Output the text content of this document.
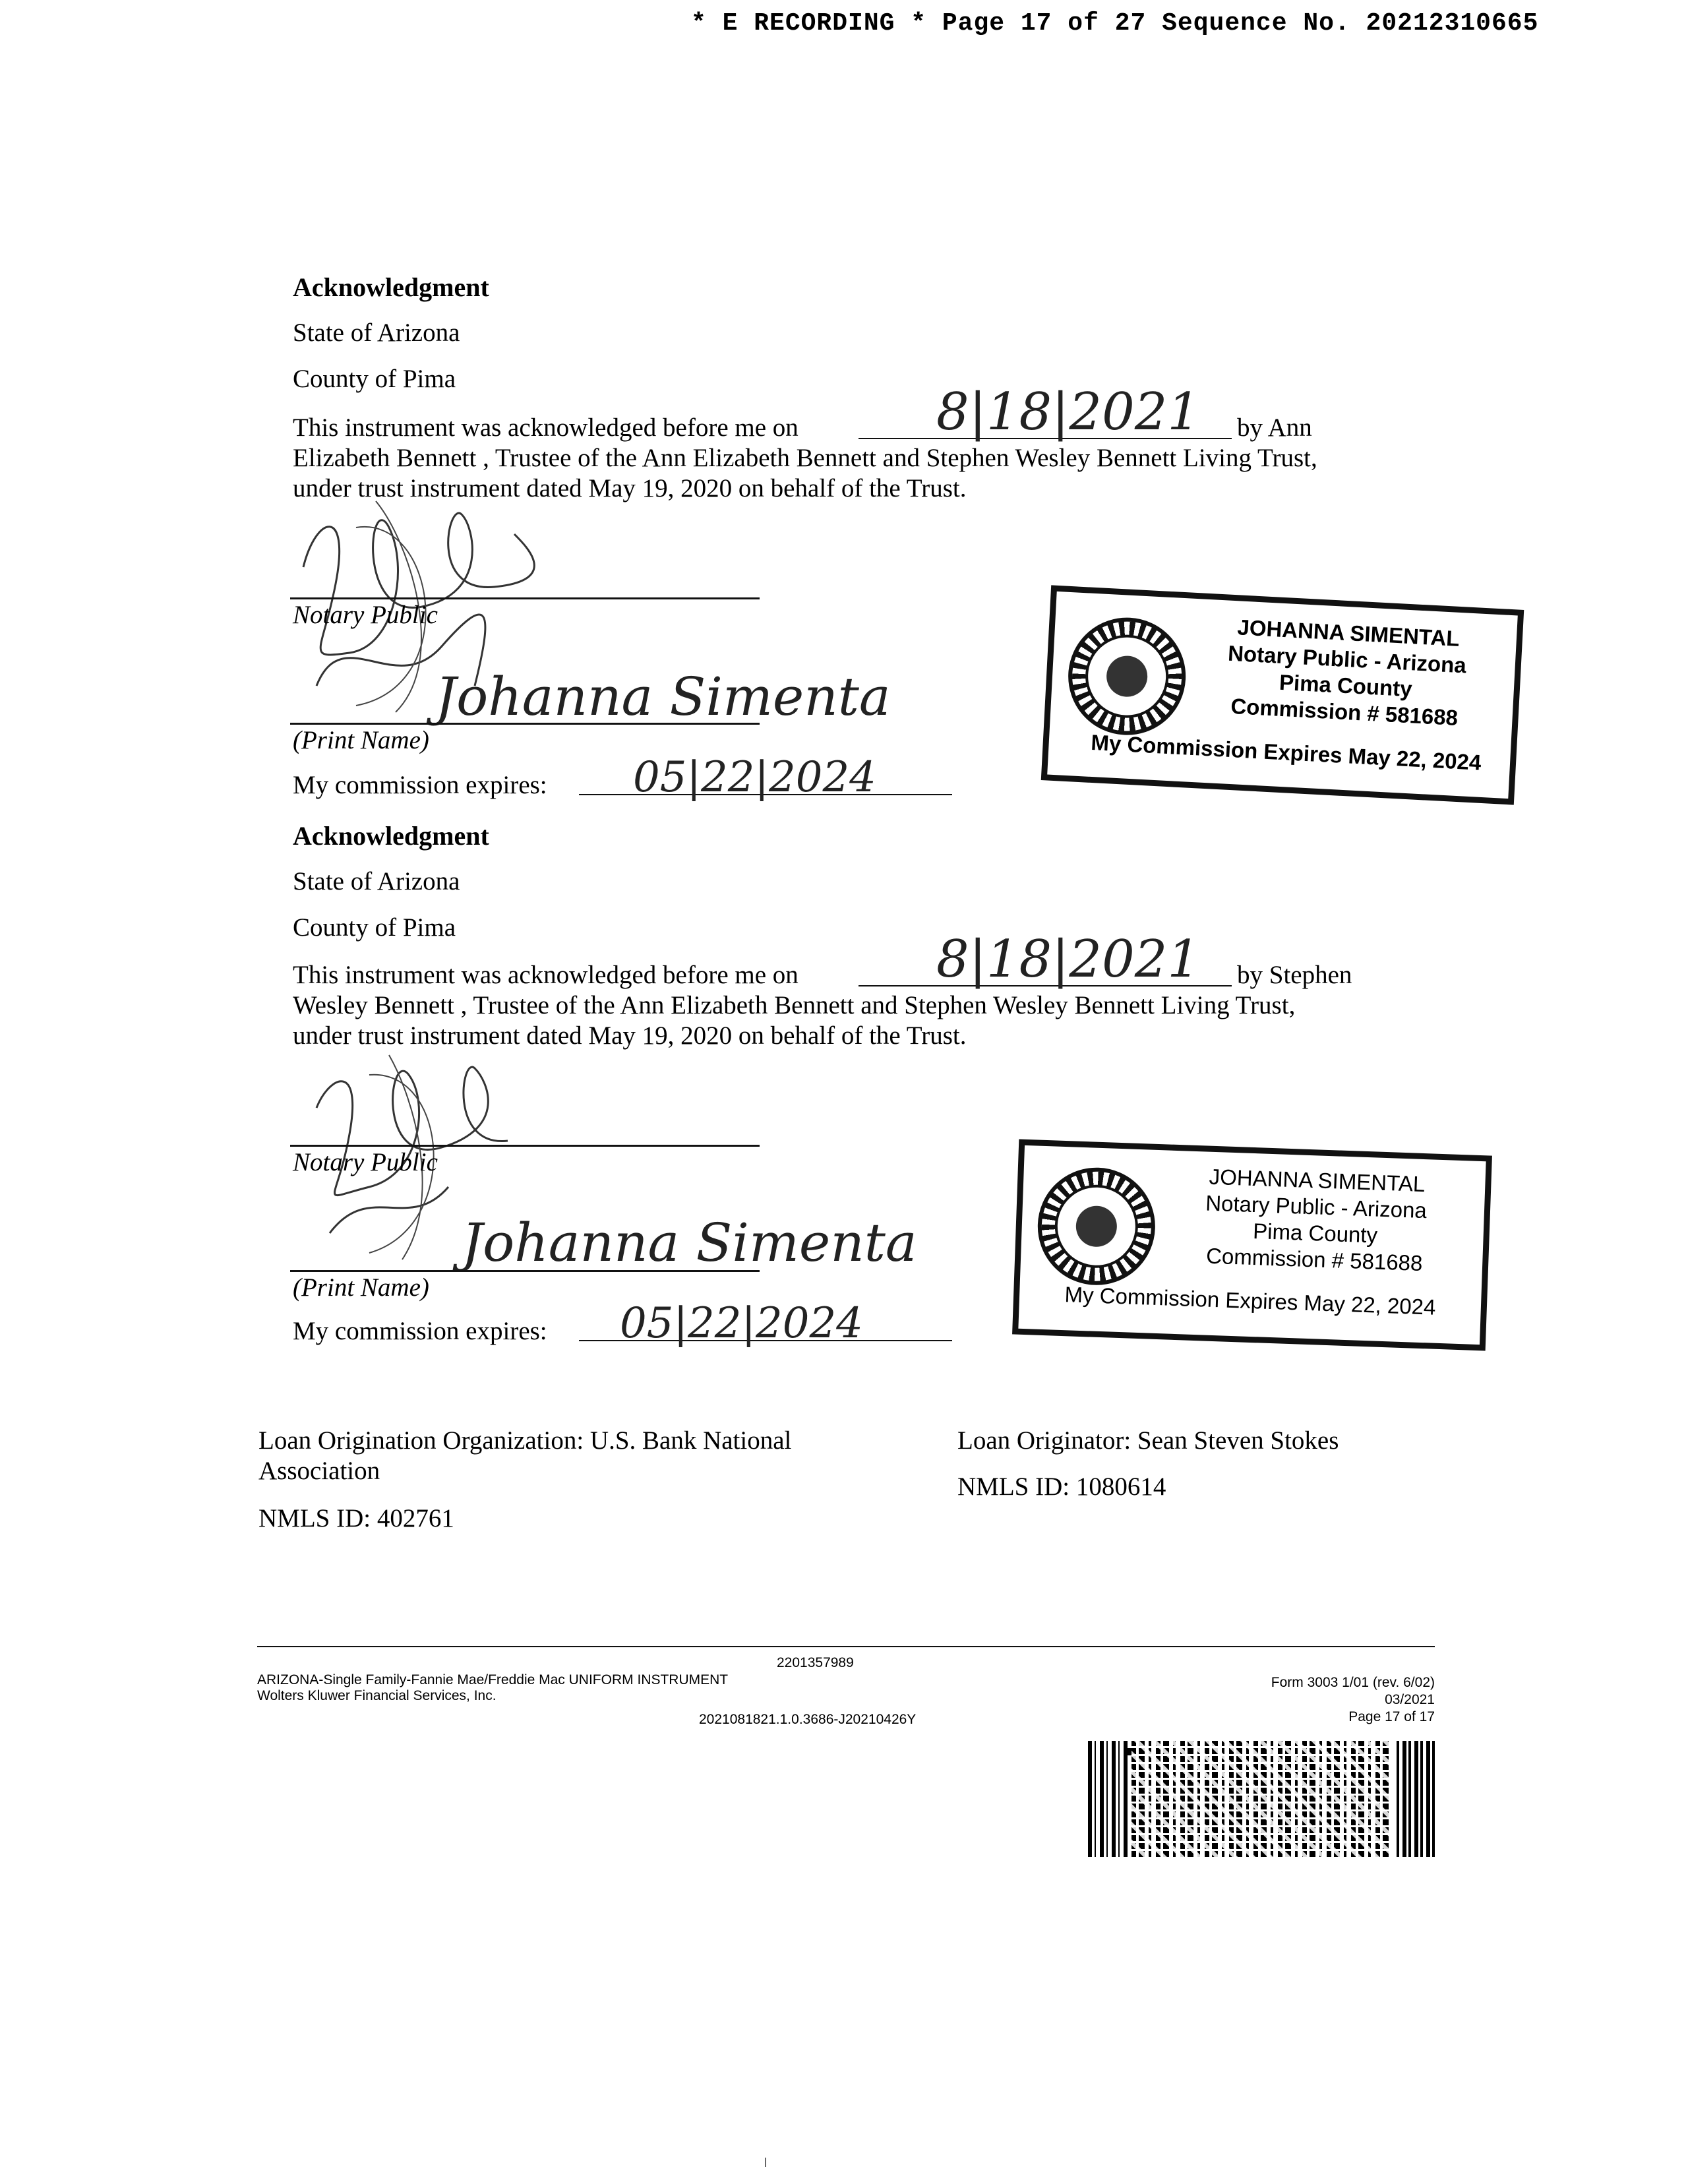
* E RECORDING * Page 17 of 27 Sequence No. 20212310665
Acknowledgment
State of Arizona
County of Pima
This instrument was acknowledged before me on	8|18|2021 by Ann
Elizabeth Bennett , Trustee of the Ann Elizabeth Bennett and Stephen Wesley Bennett Living Trust,
under trust instrument dated May 19, 2020 on behalf of the Trust.
Notary Public
Johanna Simenta
(Print Name)
My commission expires: 05|22|2024
JOHANNA SIMENTAL
Notary Public - Arizona
Pima County
Commission # 581688
My Commission Expires May 22, 2024
Acknowledgment
State of Arizona
County of Pima
This instrument was acknowledged before me on	8|18|2021 by Stephen
Wesley Bennett , Trustee of the Ann Elizabeth Bennett and Stephen Wesley Bennett Living Trust,
under trust instrument dated May 19, 2020 on behalf of the Trust.
Notary Public
Johanna Simenta
(Print Name)
My commission expires: 05|22|2024
JOHANNA SIMENTAL
Notary Public - Arizona
Pima County
Commission # 581688
My Commission Expires May 22, 2024
Loan Origination Organization: U.S. Bank National
Association
NMLS ID: 402761
Loan Originator: Sean Steven Stokes
NMLS ID: 1080614
2201357989
ARIZONA-Single Family-Fannie Mae/Freddie Mac UNIFORM INSTRUMENT
Wolters Kluwer Financial Services, Inc.
2021081821.1.0.3686-J20210426Y
Form 3003 1/01 (rev. 6/02)
03/2021
Page 17 of 17
